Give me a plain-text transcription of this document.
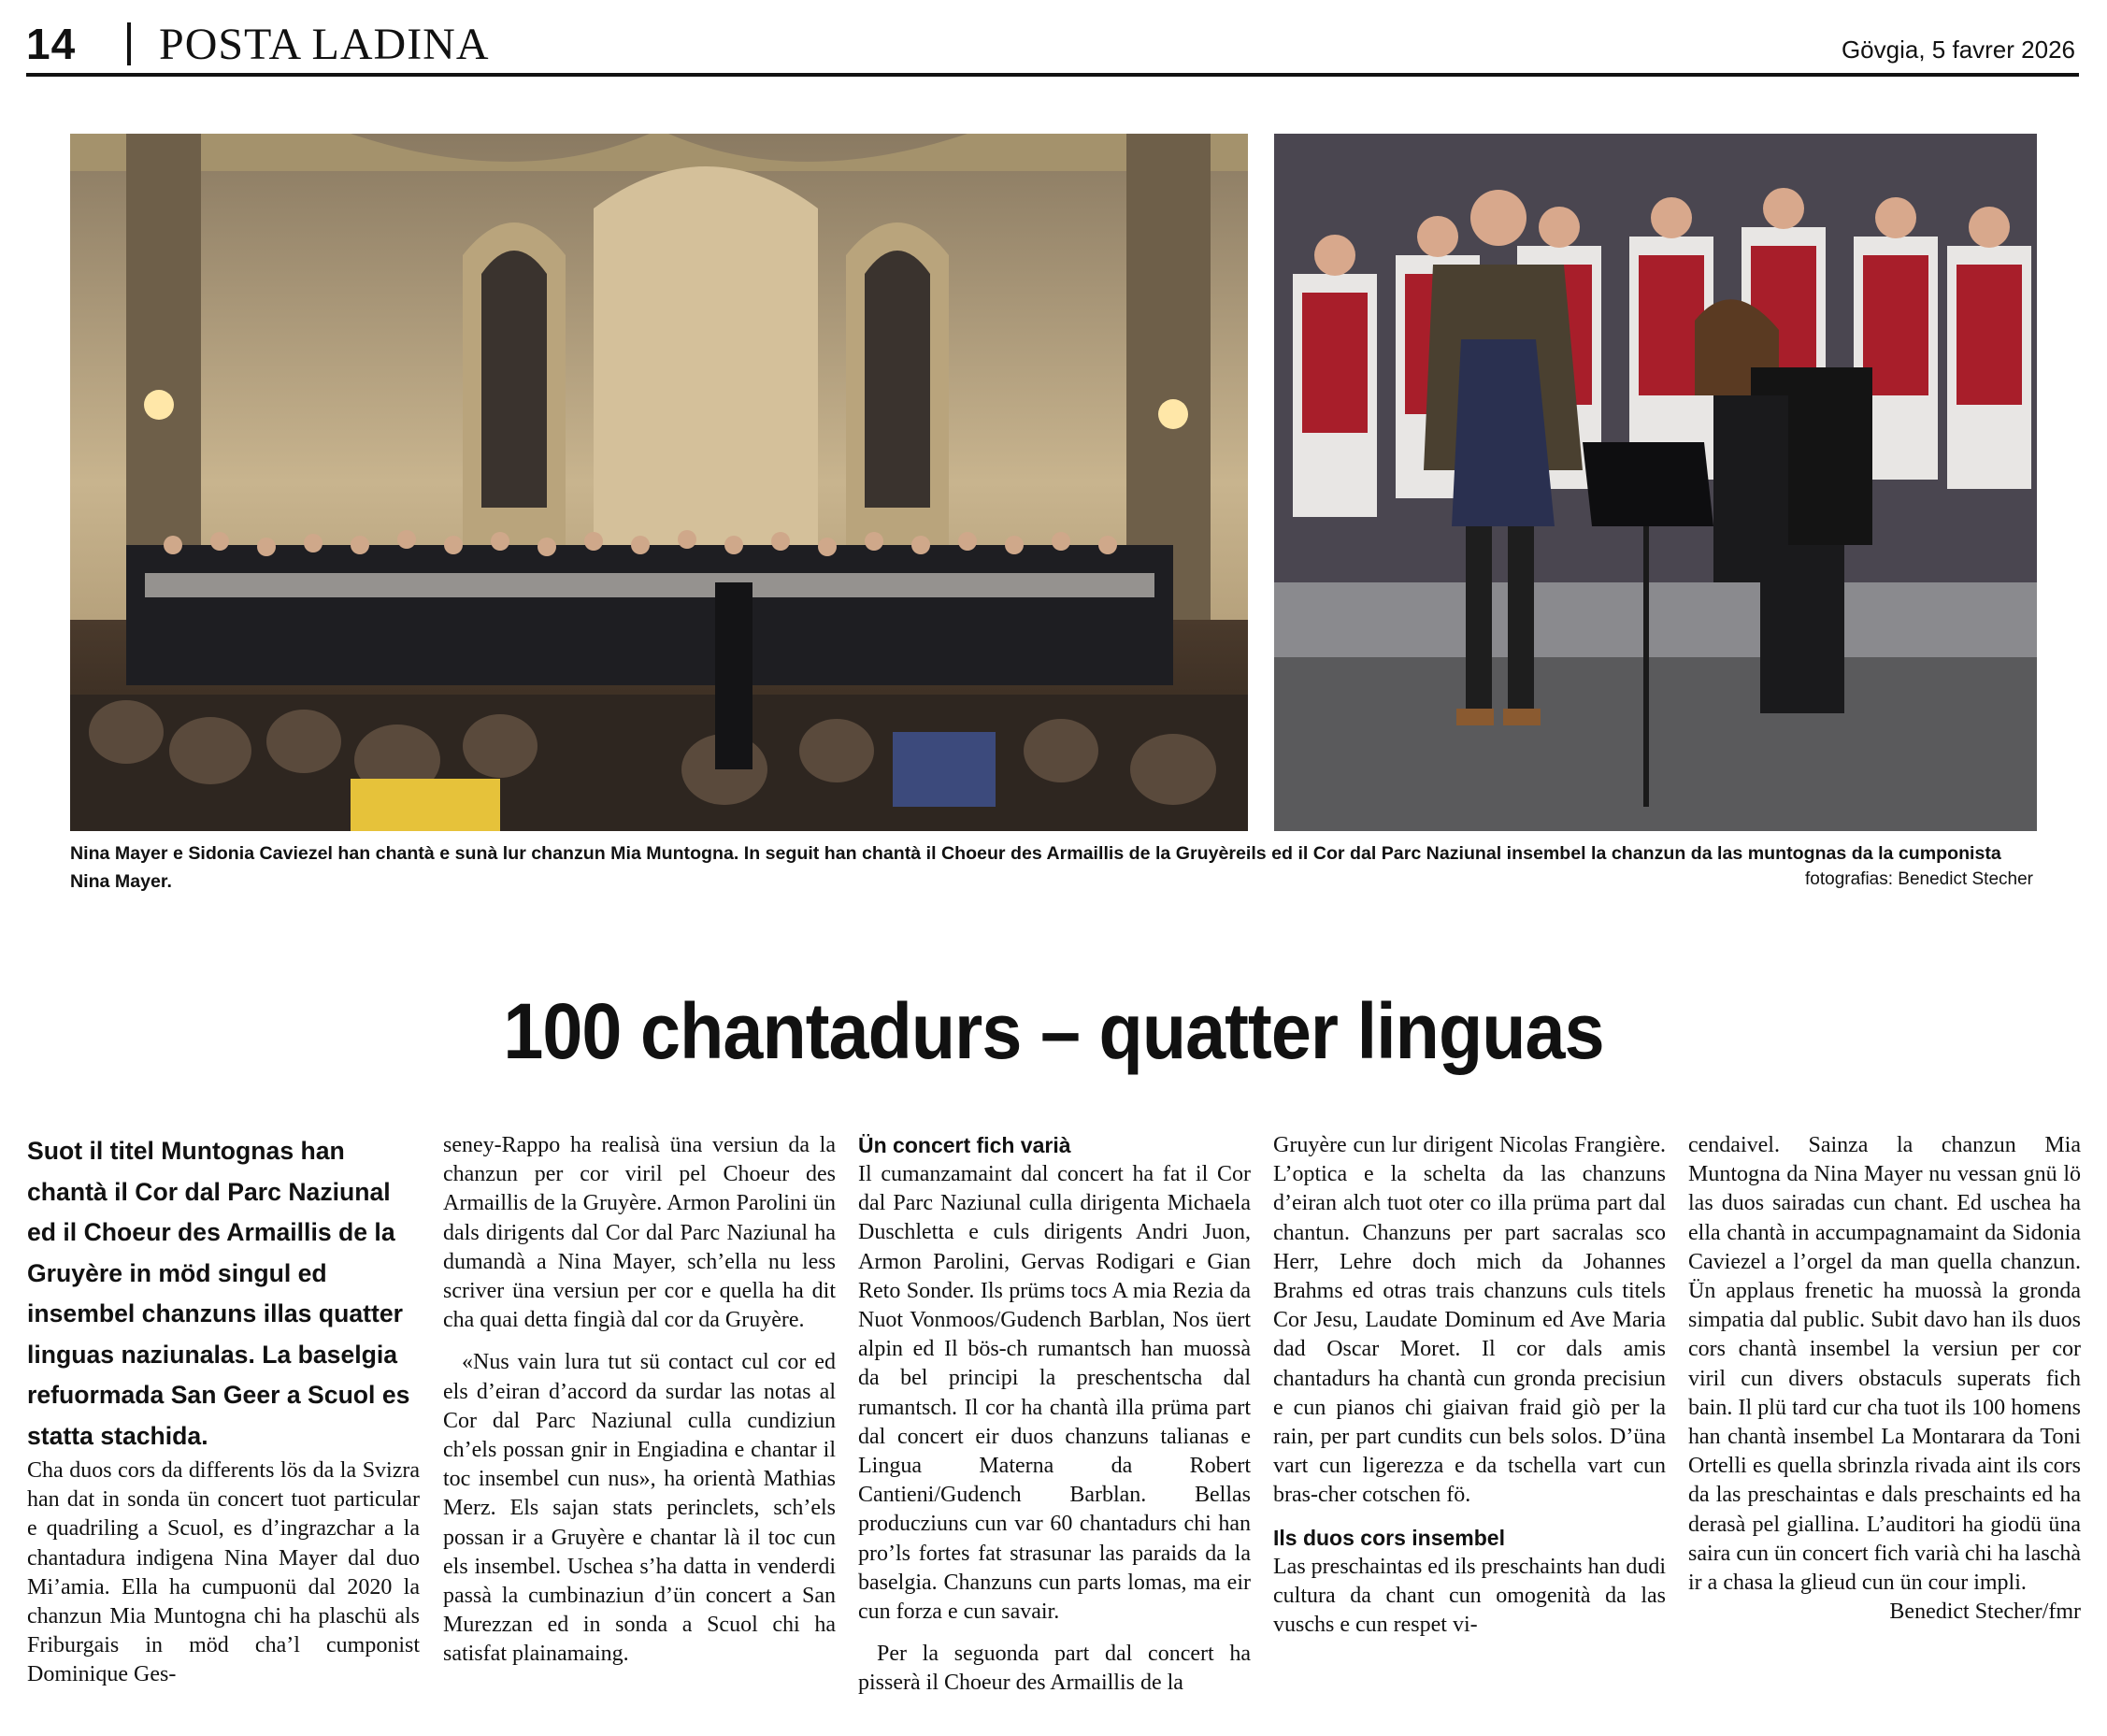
14 POSTA LADINA	Gövgia, 5 favrer 2026
Nina Mayer e Sidonia Caviezel han chantà e sunà lur chanzun Mia Muntogna. In seguit han chantà il Choeur des Armaillis de la Gruyèreils ed il Cor dal Parc Naziunal insembel la chanzun da las muntognas da la cumponista Nina Mayer.	fotografias: Benedict Stecher
100 chantadurs – quatter linguas

Suot il titel Muntognas han chantà il Cor dal Parc Naziunal ed il Choeur des Armaillis de la Gruyère in möd singul ed insembel chanzuns illas quatter linguas naziunalas. La baselgia refuormada San Geer a Scuol es statta stachida.

Cha duos cors da differents lös da la Svizra han dat in sonda ün concert tuot particular e quadriling a Scuol, es d’ingrazchar a la chantadura indigena Nina Mayer dal duo Mi’amia. Ella ha cumpuonü dal 2020 la chanzun Mia Muntogna chi ha plaschü als Friburgais in möd cha’l cumponist Dominique Ges-

seney-Rappo ha realisà üna versiun da la chanzun per cor viril pel Choeur des Armaillis de la Gruyère. Armon Parolini ün dals dirigents dal Cor dal Parc Naziunal ha dumandà a Nina Mayer, sch’ella nu less scriver üna versiun per cor e quella ha dit cha quai detta fingià dal cor da Gruyère.

«Nus vain lura tut sü contact cul cor ed els d’eiran d’accord da surdar las notas al Cor dal Parc Naziunal culla cundiziun ch’els possan gnir in Engiadina e chantar il toc insembel cun nus», ha orientà Mathias Merz. Els sajan stats perinclets, sch’els possan ir a Gruyère e chantar là il toc cun els insembel. Uschea s’ha datta in venderdi passà la cumbinaziun d’ün concert a San Murezzan ed in sonda a Scuol chi ha satisfat plainamaing.

Ün concert fich varià

Il cumanzamaint dal concert ha fat il Cor dal Parc Naziunal culla dirigenta Michaela Duschletta e culs dirigents Andri Juon, Armon Parolini, Gervas Rodigari e Gian Reto Sonder. Ils prüms tocs A mia Rezia da Nuot Vonmoos/Gudench Barblan, Nos üert alpin ed Il bös-ch rumantsch han muossà da bel principi la preschentscha dal rumantsch. Il cor ha chantà illa prüma part dal concert eir duos chanzuns talianas e Lingua Materna da Robert Cantieni/Gudench Barblan. Bellas producziuns cun var 60 chantadurs chi han pro’ls fortes fat strasunar las paraids da la baselgia. Chanzuns cun parts lomas, ma eir cun forza e cun savair.

Per la seguonda part dal concert ha pisserà il Choeur des Armaillis de la

Gruyère cun lur dirigent Nicolas Frangière. L’optica e la schelta da las chanzuns d’eiran alch tuot oter co illa prüma part dal chantun. Chanzuns per part sacralas sco Herr, Lehre doch mich da Johannes Brahms ed otras trais chanzuns culs titels Cor Jesu, Laudate Dominum ed Ave Maria dad Oscar Moret. Il cor dals amis chantadurs ha chantà cun gronda precisiun e cun pianos chi giaivan fraid giò per la rain, per part cundits cun bels solos. D’üna vart cun ligerezza e da tschella vart cun bras-cher cotschen fö.

Ils duos cors insembel

Las preschaintas ed ils preschaints han dudi cultura da chant cun omogenità da las vuschs e cun respet vi-

cendaivel. Sainza la chanzun Mia Muntogna da Nina Mayer nu vessan gnü lö las duos sairadas cun chant. Ed uschea ha ella chantà in accumpagnamaint da Sidonia Caviezel a l’orgel da man quella chanzun. Ün applaus frenetic ha muossà la gronda simpatia dal public. Subit davo han ils duos cors chantà insembel la versiun per cor viril cun divers obstaculs superats fich bain. Il plü tard cur cha tuot ils 100 homens han chantà insembel La Montarara da Toni Ortelli es quella sbrinzla rivada aint ils cors da las preschaintas e dals preschaints ed ha derasà pel giallina. L’auditori ha giodü üna saira cun ün concert fich varià chi ha laschà ir a chasa la glieud cun ün cour impli.

Benedict Stecher/fmr
